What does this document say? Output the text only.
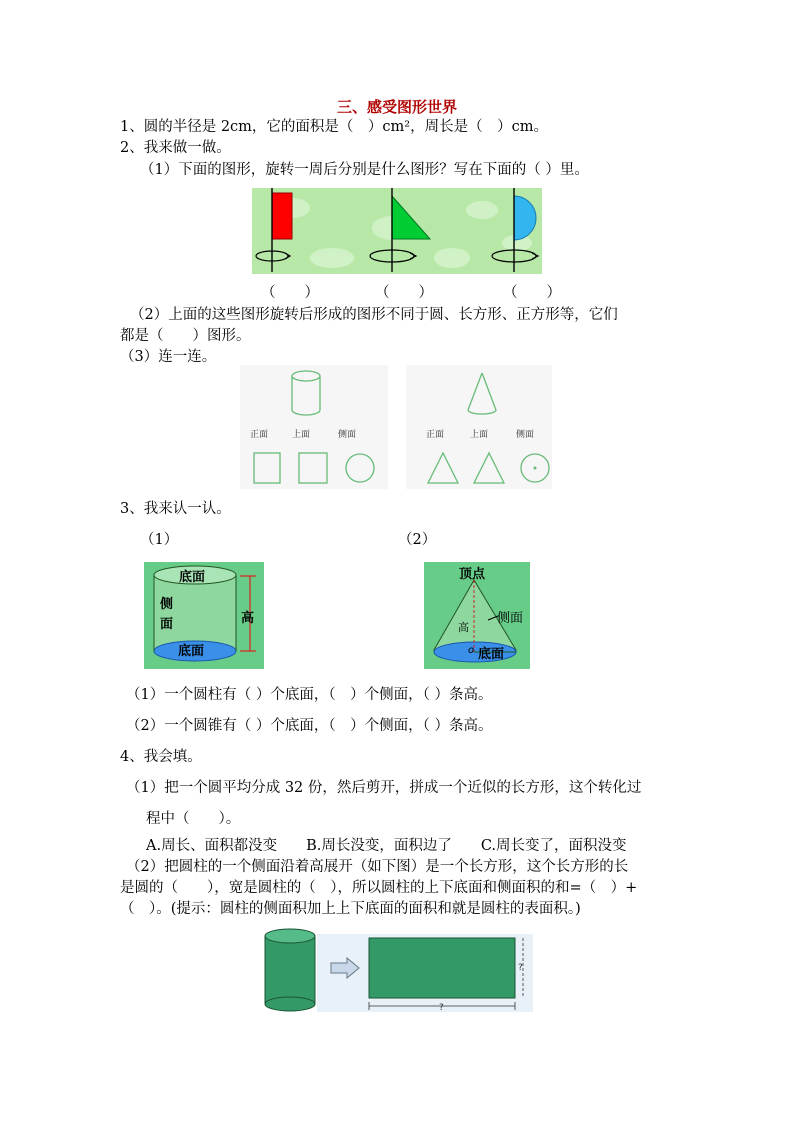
三、感受图形世界
1、圆的半径是 2cm，它的面积是（　）cm²，周长是（　）cm。
2、我来做一做。
（1）下面的图形，旋转一周后分别是什么图形？写在下面的（ ）里。
（　　）	（　　）	（　　）
（2）上面的这些图形旋转后形成的图形不同于圆、长方形、正方形等，它们
都是（　　）图形。
（3）连一连。
正面	上面	侧面	正面	上面	侧面
3、我来认一认。
（1）	（2）
底面
侧
面	高
底面
顶点
侧面
高
o 底面
（1）一个圆柱有（ ）个底面，（　）个侧面，（ ）条高。
（2）一个圆锥有（ ）个底面，（　）个侧面，（ ）条高。
4、我会填。
（1）把一个圆平均分成 32 份，然后剪开，拼成一个近似的长方形，这个转化过
程中（　　）。
A.周长、面积都没变　　B.周长没变，面积边了　　C.周长变了，面积没变
（2）把圆柱的一个侧面沿着高展开（如下图）是一个长方形，这个长方形的长
是圆的（　　），宽是圆柱的（　），所以圆柱的上下底面和侧面积的和=（　）+
（　）。(提示：圆柱的侧面积加上上下底面的面积和就是圆柱的表面积。)
?
?
